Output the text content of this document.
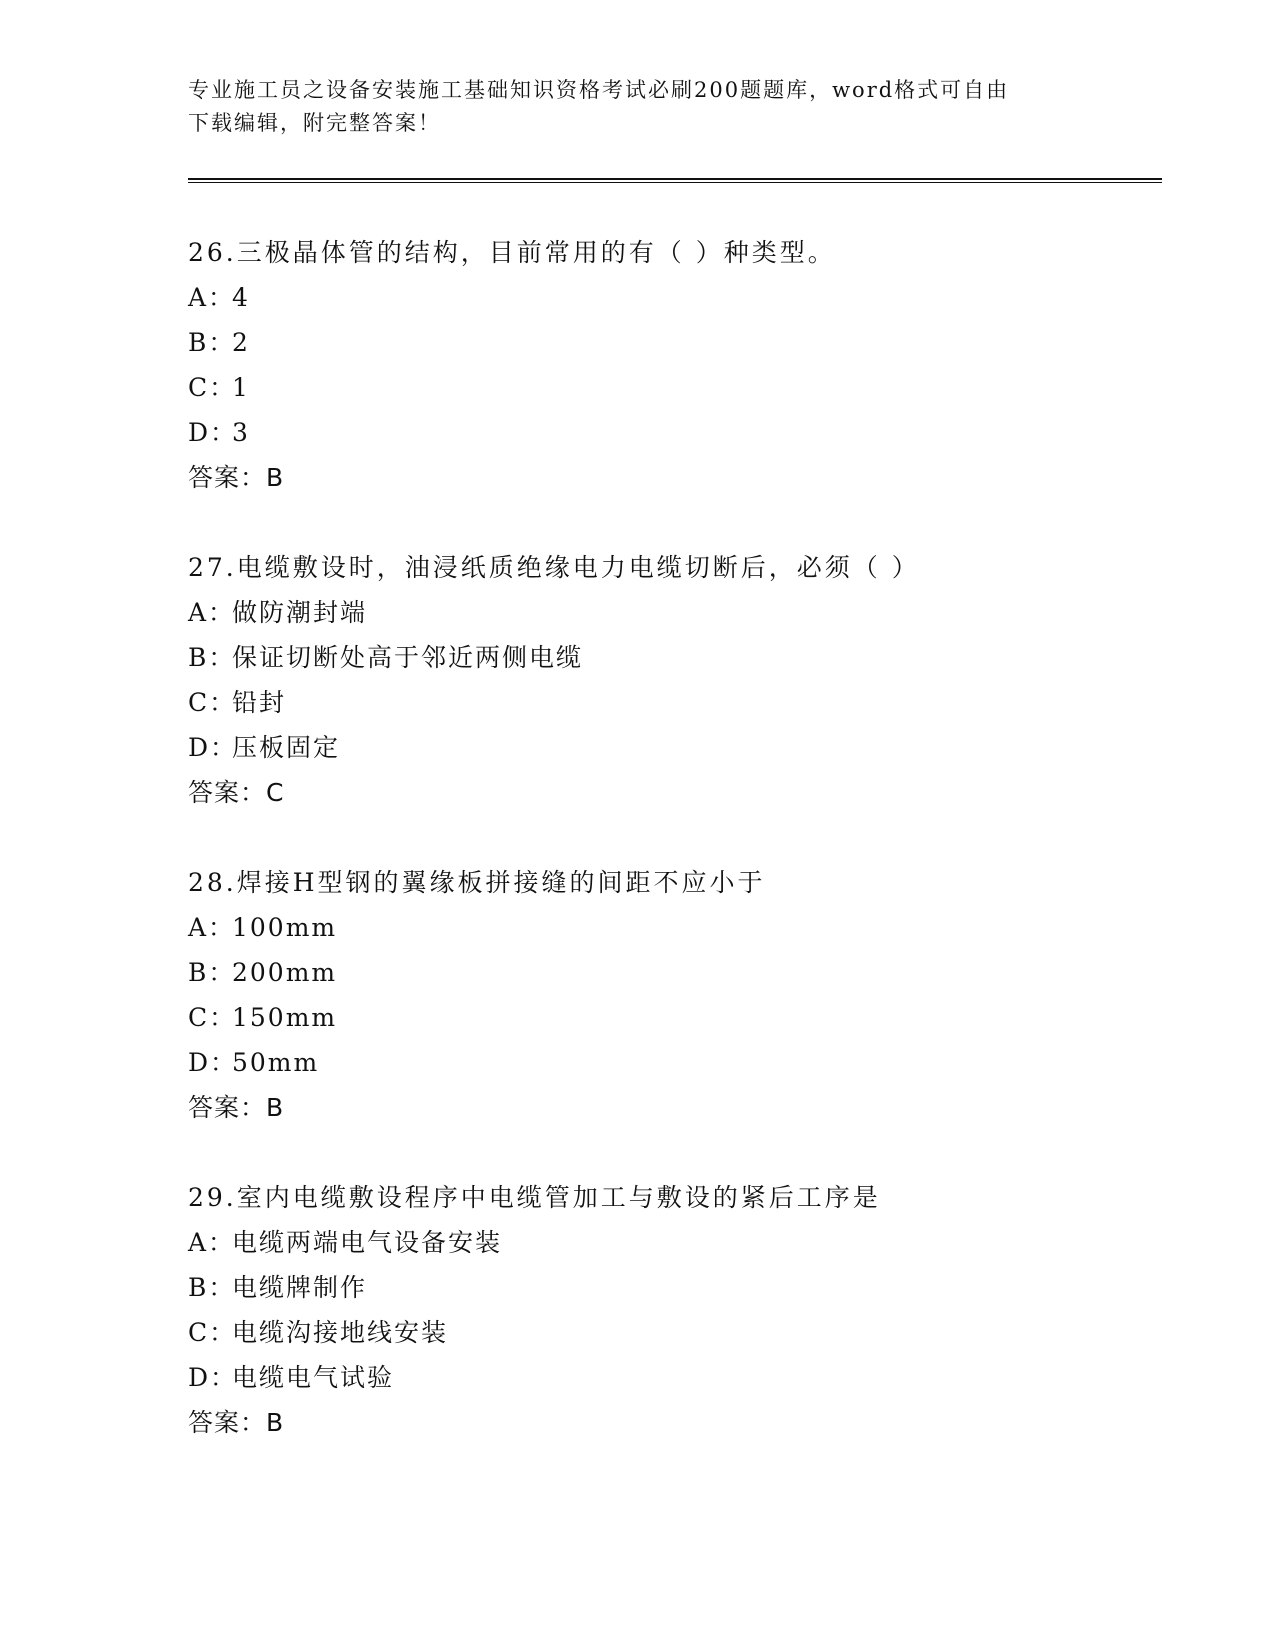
专业施工员之设备安装施工基础知识资格考试必刷200题题库，word格式可自由
下载编辑，附完整答案！
26.三极晶体管的结构，目前常用的有（ ）种类型。
A：4
B：2
C：1
D：3
答案：B
27.电缆敷设时，油浸纸质绝缘电力电缆切断后，必须（ ）
A：做防潮封端
B：保证切断处高于邻近两侧电缆
C：铅封
D：压板固定
答案：C
28.焊接H型钢的翼缘板拼接缝的间距不应小于
A：100mm
B：200mm
C：150mm
D：50mm
答案：B
29.室内电缆敷设程序中电缆管加工与敷设的紧后工序是
A：电缆两端电气设备安装
B：电缆牌制作
C：电缆沟接地线安装
D：电缆电气试验
答案：B
